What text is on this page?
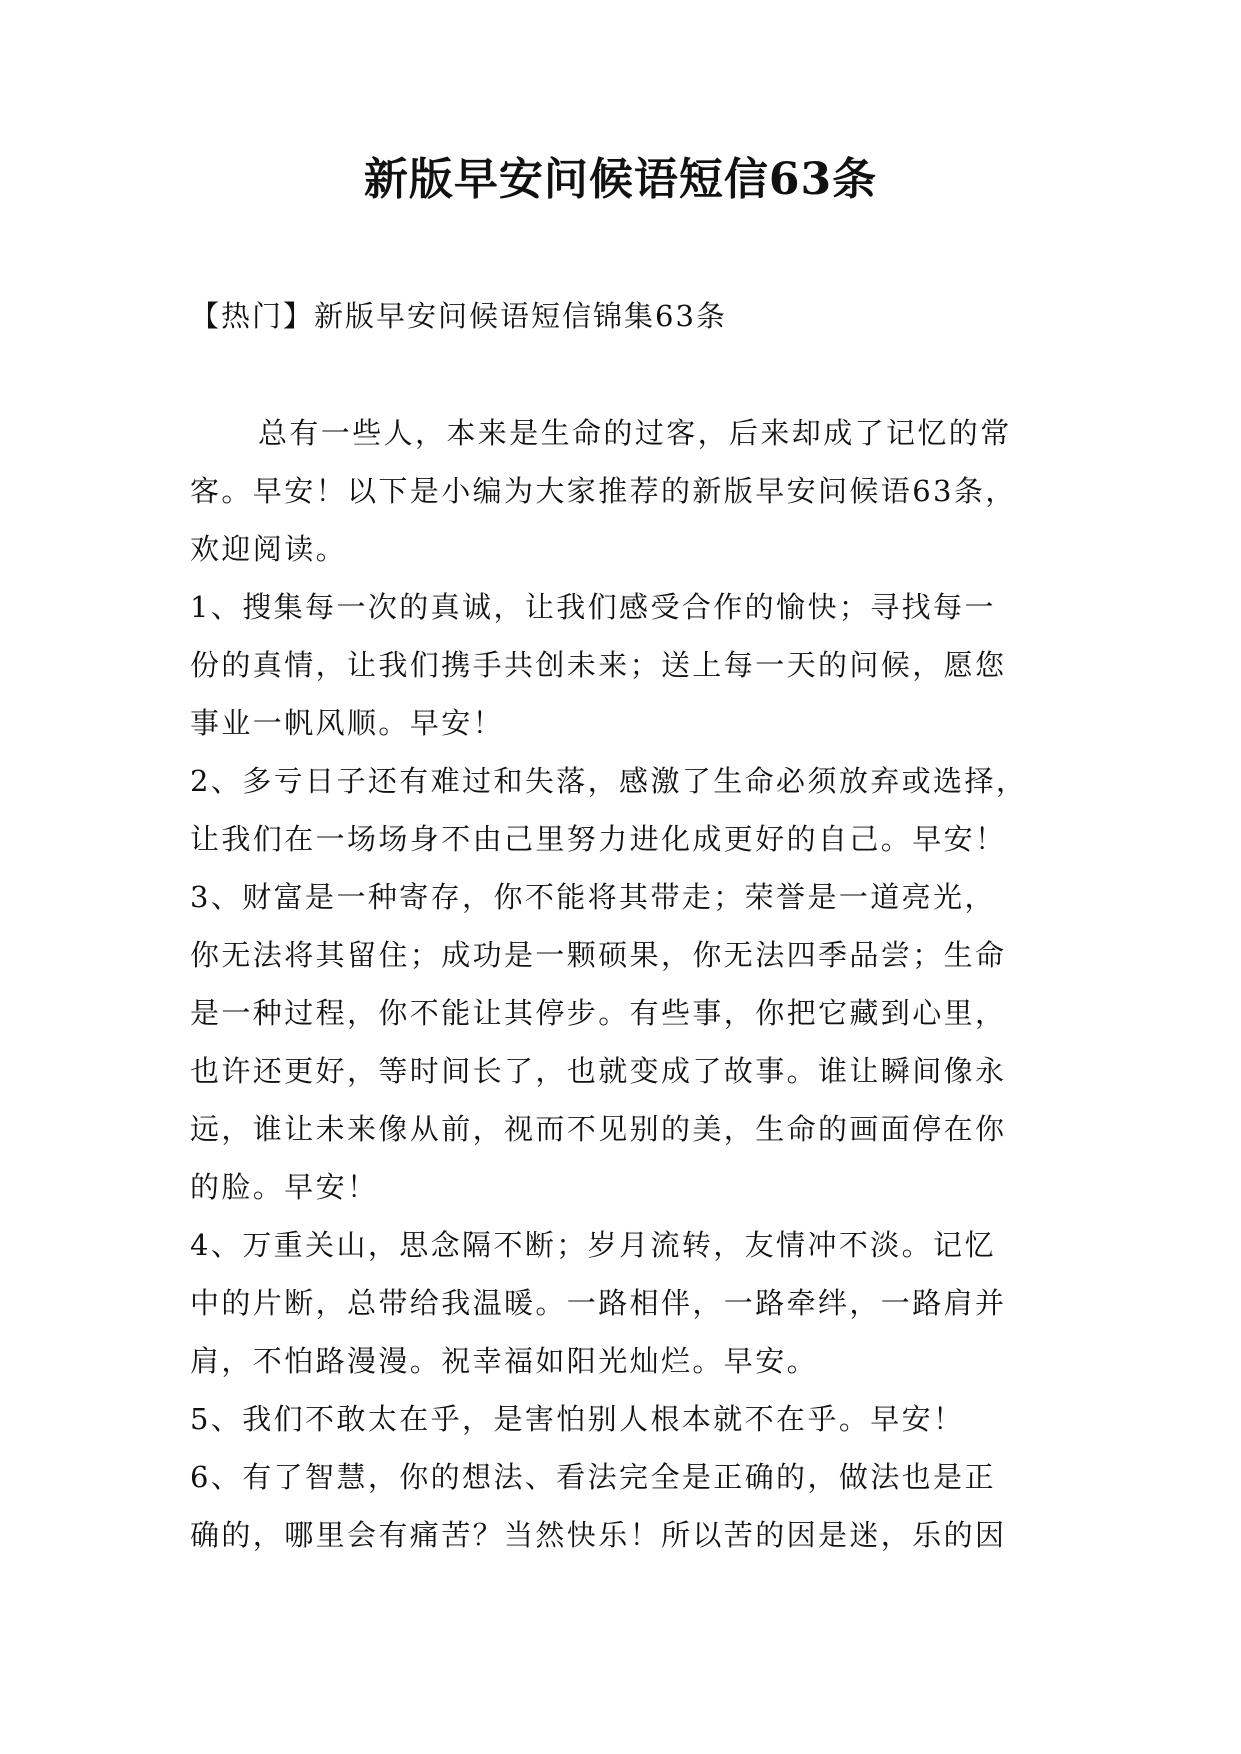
新版早安问候语短信63条
【热门】新版早安问候语短信锦集63条
总有一些人，本来是生命的过客，后来却成了记忆的常
客。早安！以下是小编为大家推荐的新版早安问候语63条，
欢迎阅读。
1、搜集每一次的真诚，让我们感受合作的愉快；寻找每一
份的真情，让我们携手共创未来；送上每一天的问候，愿您
事业一帆风顺。早安！
2、多亏日子还有难过和失落，感激了生命必须放弃或选择，
让我们在一场场身不由己里努力进化成更好的自己。早安！
3、财富是一种寄存，你不能将其带走；荣誉是一道亮光，
你无法将其留住；成功是一颗硕果，你无法四季品尝；生命
是一种过程，你不能让其停步。有些事，你把它藏到心里，
也许还更好，等时间长了，也就变成了故事。谁让瞬间像永
远，谁让未来像从前，视而不见别的美，生命的画面停在你
的脸。早安！
4、万重关山，思念隔不断；岁月流转，友情冲不淡。记忆
中的片断，总带给我温暖。一路相伴，一路牵绊，一路肩并
肩，不怕路漫漫。祝幸福如阳光灿烂。早安。
5、我们不敢太在乎，是害怕别人根本就不在乎。早安！
6、有了智慧，你的想法、看法完全是正确的，做法也是正
确的，哪里会有痛苦？当然快乐！所以苦的因是迷，乐的因
